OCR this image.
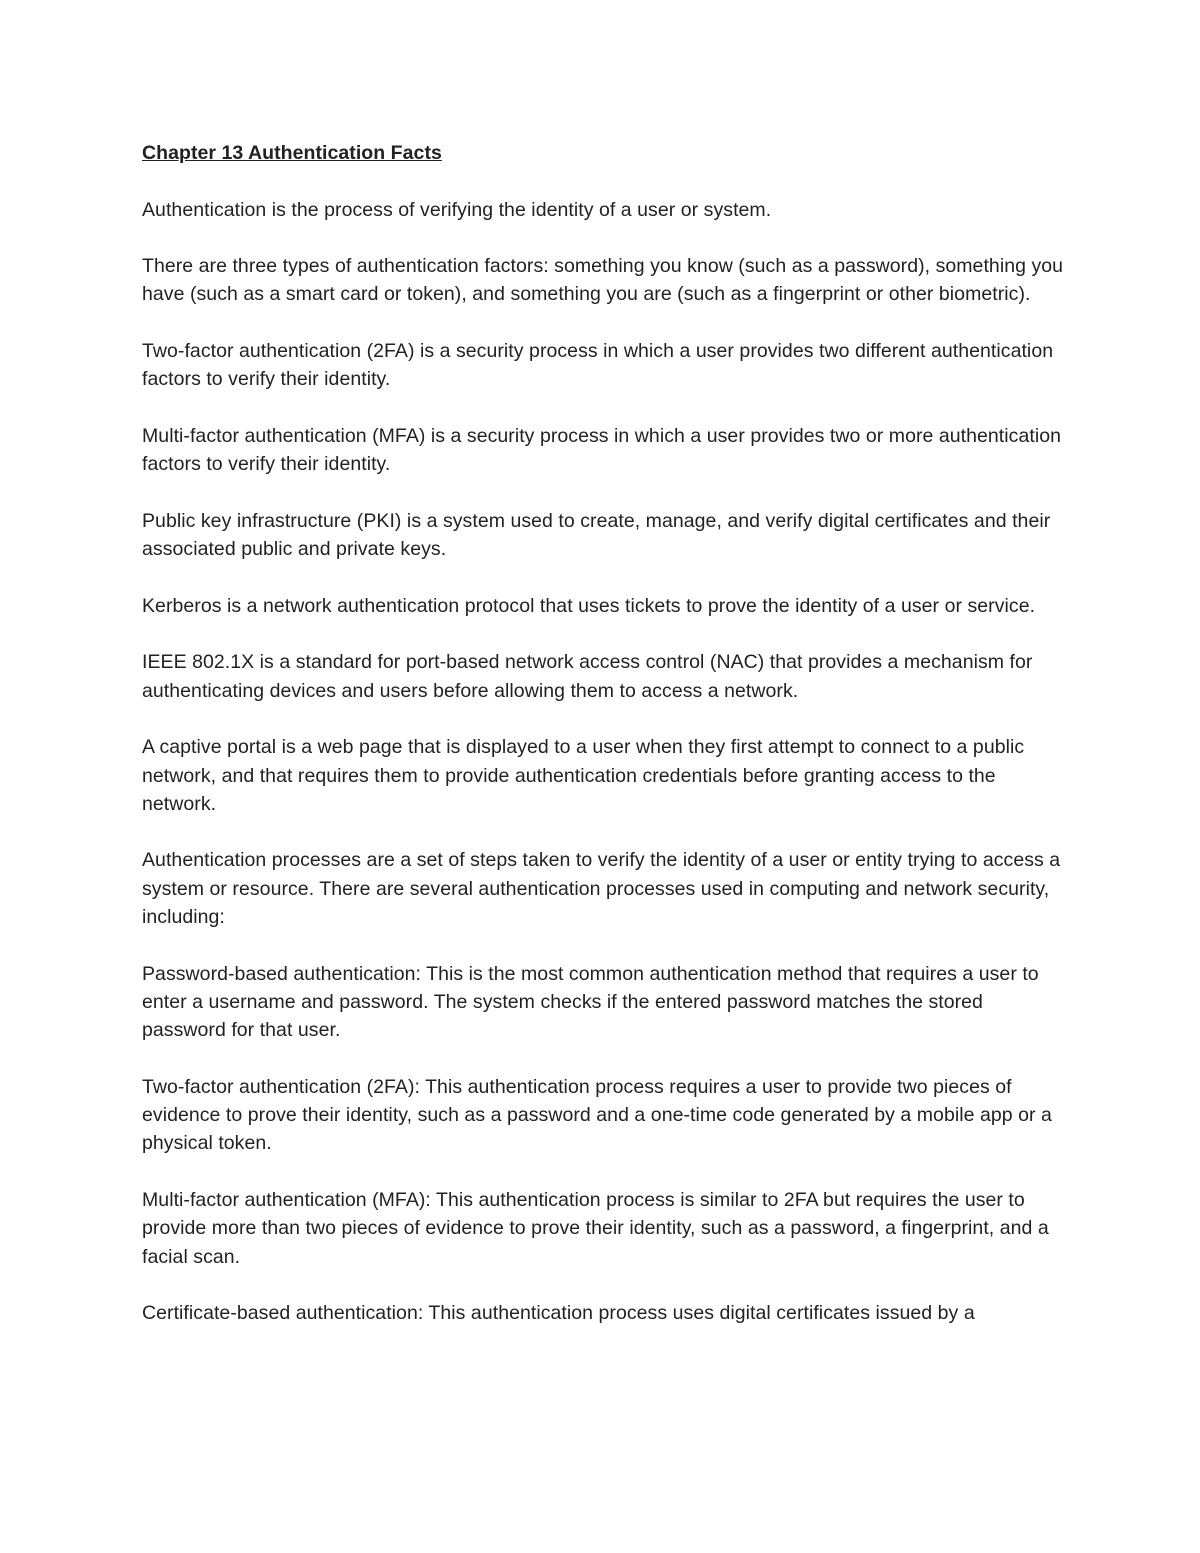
Chapter 13 Authentication Facts

Authentication is the process of verifying the identity of a user or system.

There are three types of authentication factors: something you know (such as a password), something you have (such as a smart card or token), and something you are (such as a fingerprint or other biometric).

Two-factor authentication (2FA) is a security process in which a user provides two different authentication factors to verify their identity.

Multi-factor authentication (MFA) is a security process in which a user provides two or more authentication factors to verify their identity.

Public key infrastructure (PKI) is a system used to create, manage, and verify digital certificates and their associated public and private keys.

Kerberos is a network authentication protocol that uses tickets to prove the identity of a user or service.

IEEE 802.1X is a standard for port-based network access control (NAC) that provides a mechanism for authenticating devices and users before allowing them to access a network.

A captive portal is a web page that is displayed to a user when they first attempt to connect to a public network, and that requires them to provide authentication credentials before granting access to the network.

Authentication processes are a set of steps taken to verify the identity of a user or entity trying to access a system or resource. There are several authentication processes used in computing and network security, including:

Password-based authentication: This is the most common authentication method that requires a user to enter a username and password. The system checks if the entered password matches the stored password for that user.

Two-factor authentication (2FA): This authentication process requires a user to provide two pieces of evidence to prove their identity, such as a password and a one-time code generated by a mobile app or a physical token.

Multi-factor authentication (MFA): This authentication process is similar to 2FA but requires the user to provide more than two pieces of evidence to prove their identity, such as a password, a fingerprint, and a facial scan.

Certificate-based authentication: This authentication process uses digital certificates issued by a
